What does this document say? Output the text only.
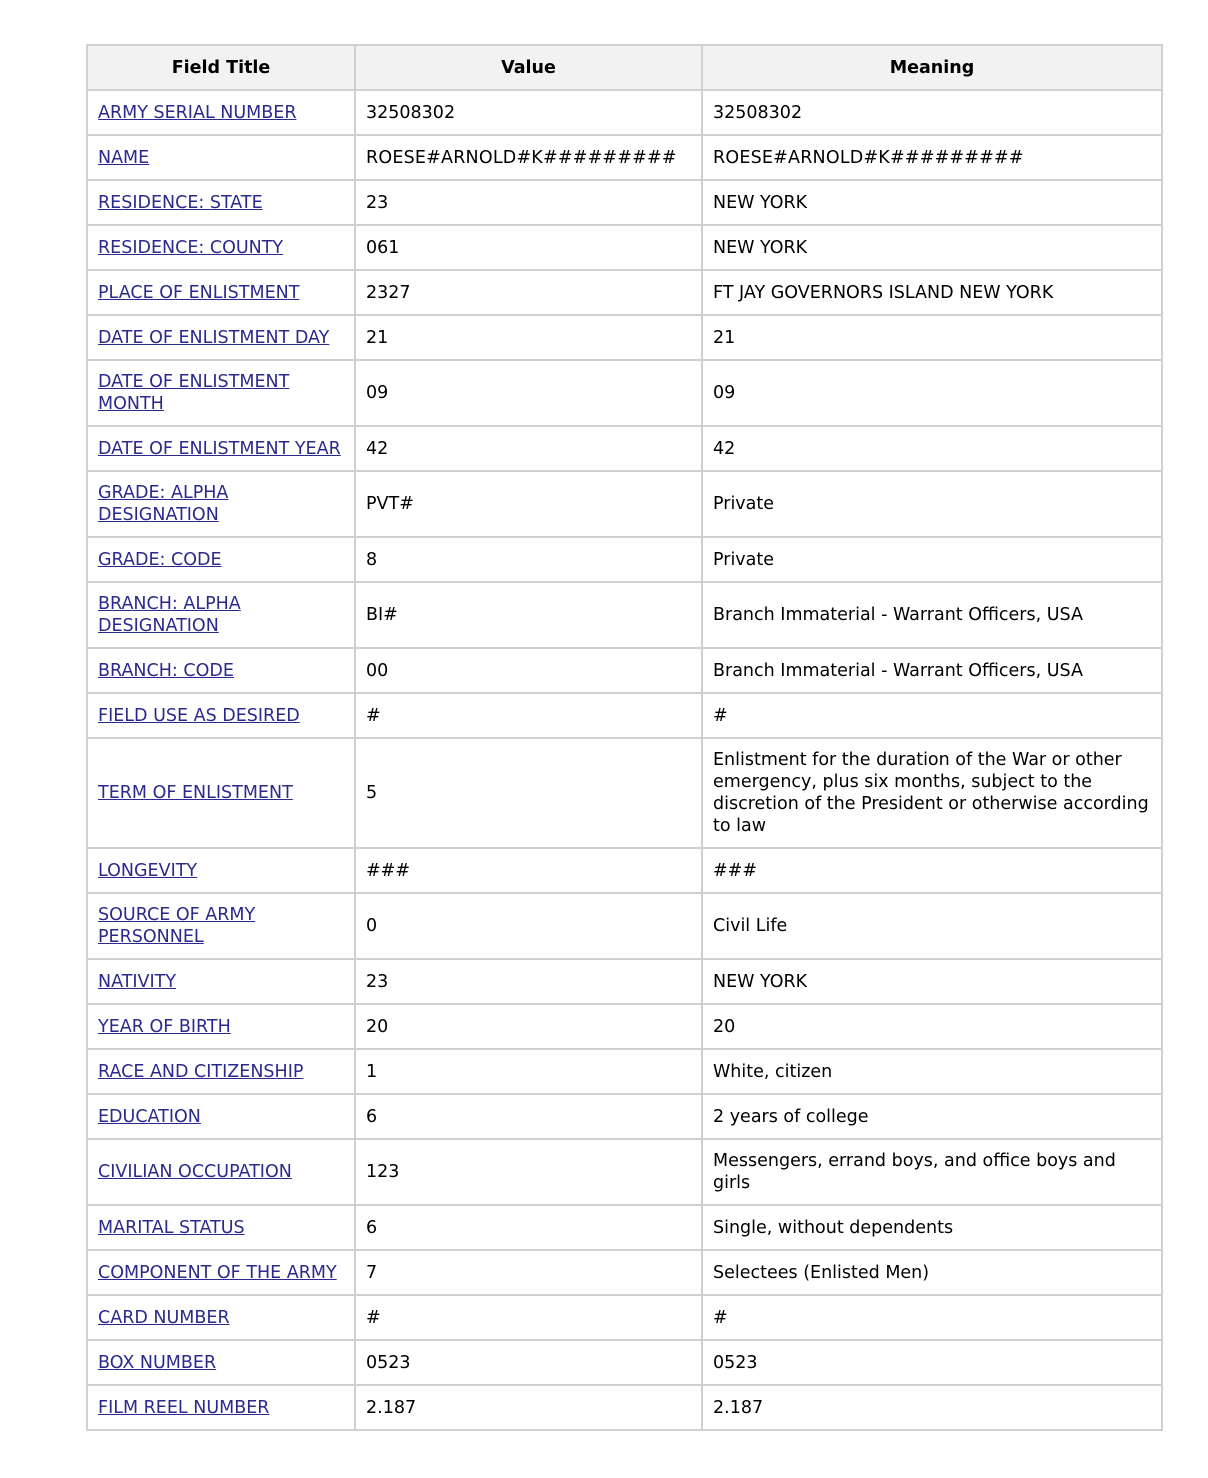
Field Title	Value	Meaning
ARMY SERIAL NUMBER	32508302	32508302
NAME	ROESE#ARNOLD#K#########	ROESE#ARNOLD#K#########
RESIDENCE: STATE	23	NEW YORK
RESIDENCE: COUNTY	061	NEW YORK
PLACE OF ENLISTMENT	2327	FT JAY GOVERNORS ISLAND NEW YORK
DATE OF ENLISTMENT DAY	21	21
DATE OF ENLISTMENT MONTH	09	09
DATE OF ENLISTMENT YEAR	42	42
GRADE: ALPHA DESIGNATION	PVT#	Private
GRADE: CODE	8	Private
BRANCH: ALPHA DESIGNATION	BI#	Branch Immaterial - Warrant Officers, USA
BRANCH: CODE	00	Branch Immaterial - Warrant Officers, USA
FIELD USE AS DESIRED	#	#
TERM OF ENLISTMENT	5	Enlistment for the duration of the War or other emergency, plus six months, subject to the discretion of the President or otherwise according to law
LONGEVITY	###	###
SOURCE OF ARMY PERSONNEL	0	Civil Life
NATIVITY	23	NEW YORK
YEAR OF BIRTH	20	20
RACE AND CITIZENSHIP	1	White, citizen
EDUCATION	6	2 years of college
CIVILIAN OCCUPATION	123	Messengers, errand boys, and office boys and girls
MARITAL STATUS	6	Single, without dependents
COMPONENT OF THE ARMY	7	Selectees (Enlisted Men)
CARD NUMBER	#	#
BOX NUMBER	0523	0523
FILM REEL NUMBER	2.187	2.187
